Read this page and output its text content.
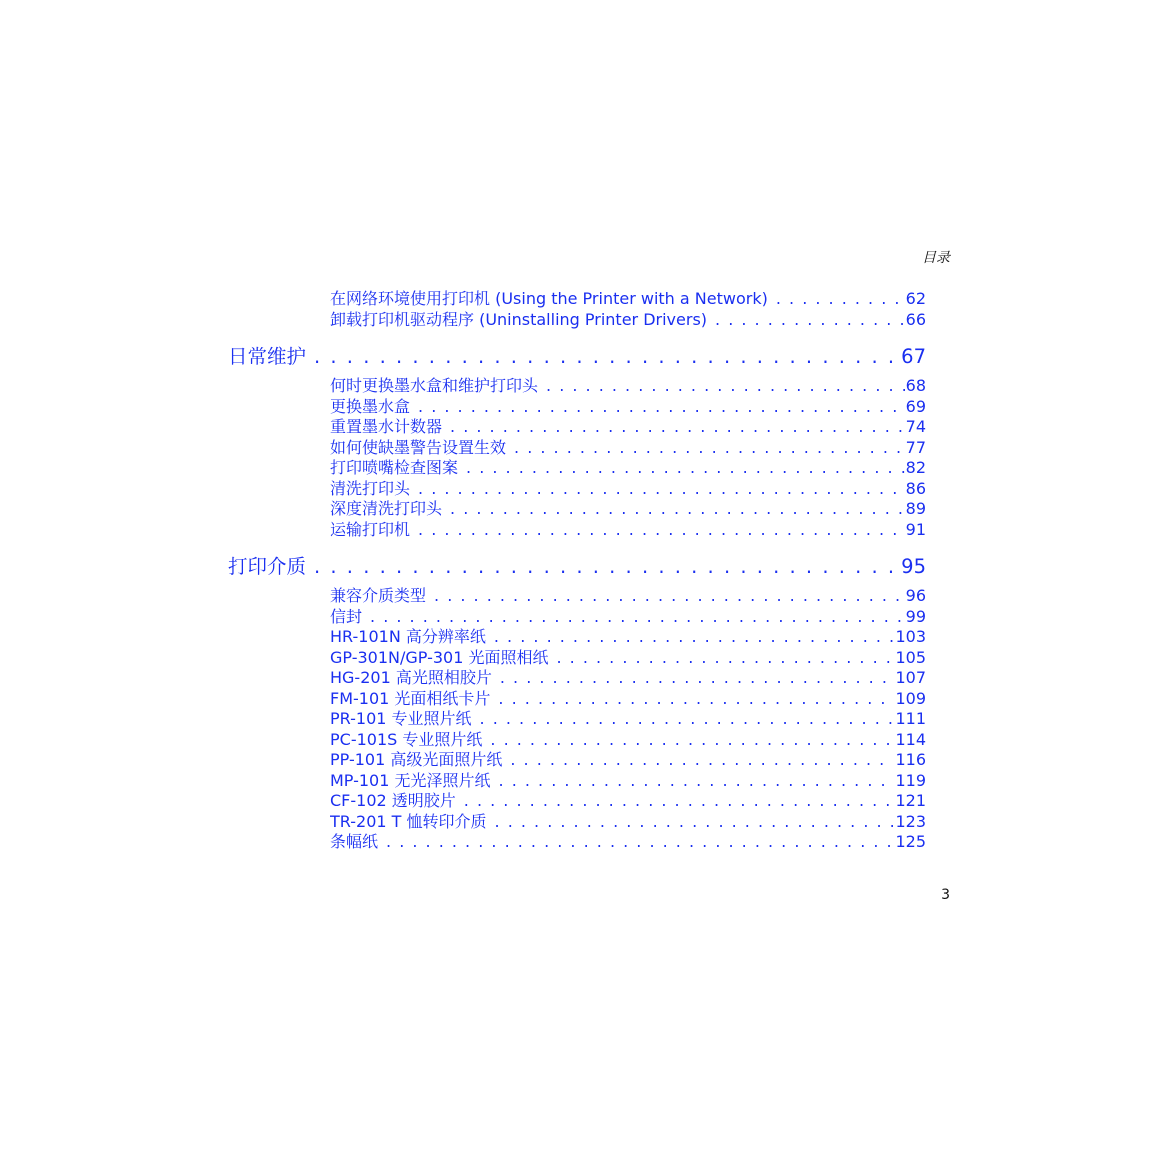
目录
在网络环境使用打印机 (Using the Printer with a Network) . . .	62
卸载打印机驱动程序 (Uninstalling Printer Drivers) . . .	66
日常维护 . . .	67
何时更换墨水盒和维护打印头 . . .	68
更换墨水盒 . . .	69
重置墨水计数器 . . .	74
如何使缺墨警告设置生效 . . .	77
打印喷嘴检查图案 . . .	82
清洗打印头 . . .	86
深度清洗打印头 . . .	89
运输打印机 . . .	91
打印介质 . . .	95
兼容介质类型 . . .	96
信封 . . .	99
HR-101N 高分辨率纸 . . .	103
GP-301N/GP-301 光面照相纸 . . .	105
HG-201 高光照相胶片 . . .	107
FM-101 光面相纸卡片 . . .	109
PR-101 专业照片纸 . . .	111
PC-101S 专业照片纸 . . .	114
PP-101 高级光面照片纸 . . .	116
MP-101 无光泽照片纸 . . .	119
CF-102 透明胶片 . . .	121
TR-201 T 恤转印介质 . . .	123
条幅纸 . . .	125
3
